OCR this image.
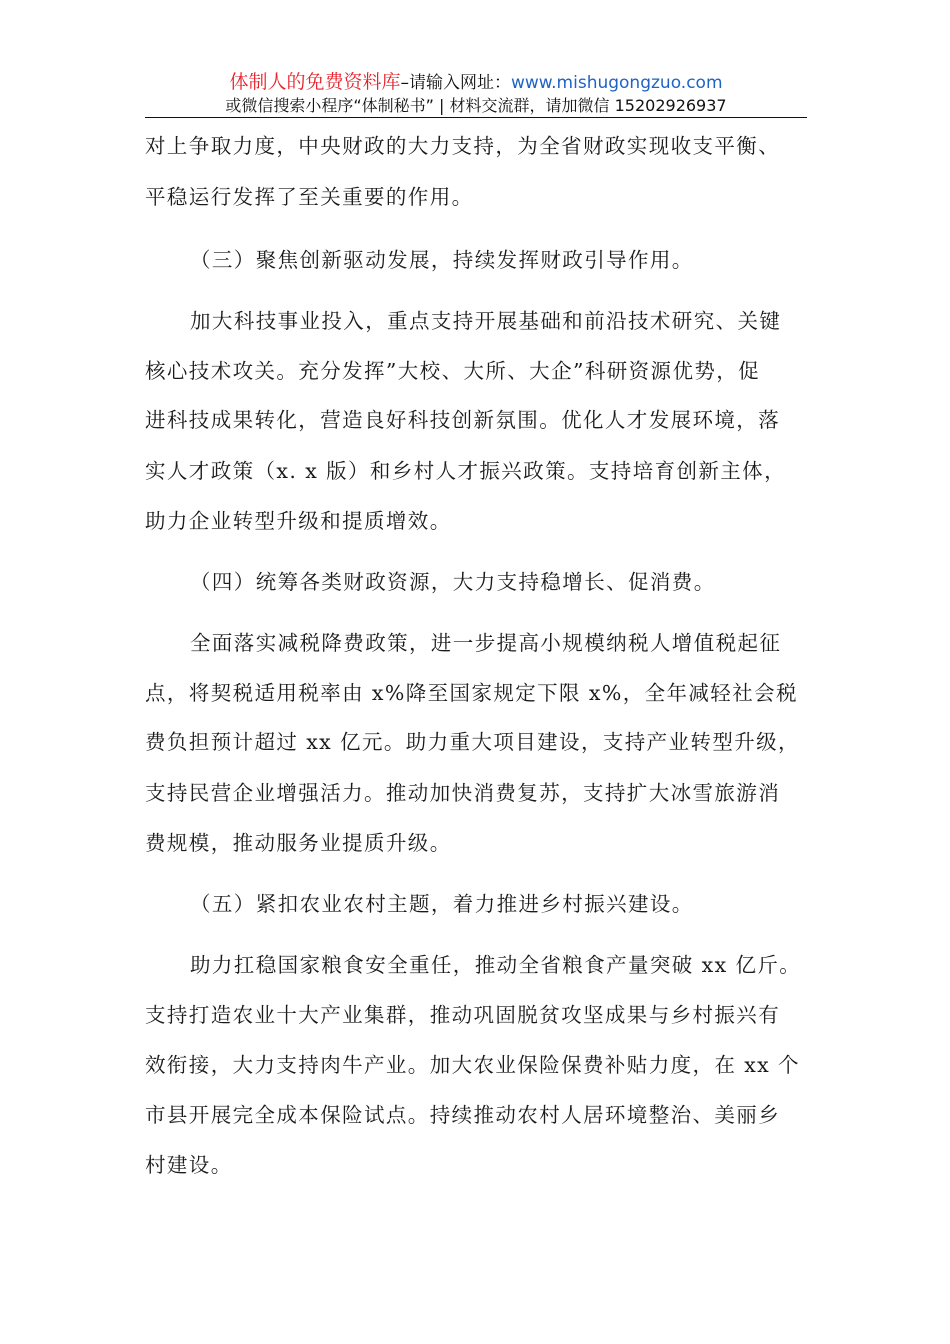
体制人的免费资料库–请输入网址：www.mishugongzuo.com
或微信搜索小程序“体制秘书” | 材料交流群，请加微信 15202926937
对上争取力度，中央财政的大力支持，为全省财政实现收支平衡、
平稳运行发挥了至关重要的作用。
（三）聚焦创新驱动发展，持续发挥财政引导作用。
加大科技事业投入，重点支持开展基础和前沿技术研究、关键
核心技术攻关。充分发挥”大校、大所、大企”科研资源优势，促
进科技成果转化，营造良好科技创新氛围。优化人才发展环境，落
实人才政策（x. x 版）和乡村人才振兴政策。支持培育创新主体，
助力企业转型升级和提质增效。
（四）统筹各类财政资源，大力支持稳增长、促消费。
全面落实减税降费政策，进一步提高小规模纳税人增值税起征
点，将契税适用税率由 x%降至国家规定下限 x%，全年减轻社会税
费负担预计超过 xx 亿元。助力重大项目建设，支持产业转型升级，
支持民营企业增强活力。推动加快消费复苏，支持扩大冰雪旅游消
费规模，推动服务业提质升级。
（五）紧扣农业农村主题，着力推进乡村振兴建设。
助力扛稳国家粮食安全重任，推动全省粮食产量突破 xx 亿斤。
支持打造农业十大产业集群，推动巩固脱贫攻坚成果与乡村振兴有
效衔接，大力支持肉牛产业。加大农业保险保费补贴力度，在 xx 个
市县开展完全成本保险试点。持续推动农村人居环境整治、美丽乡
村建设。
